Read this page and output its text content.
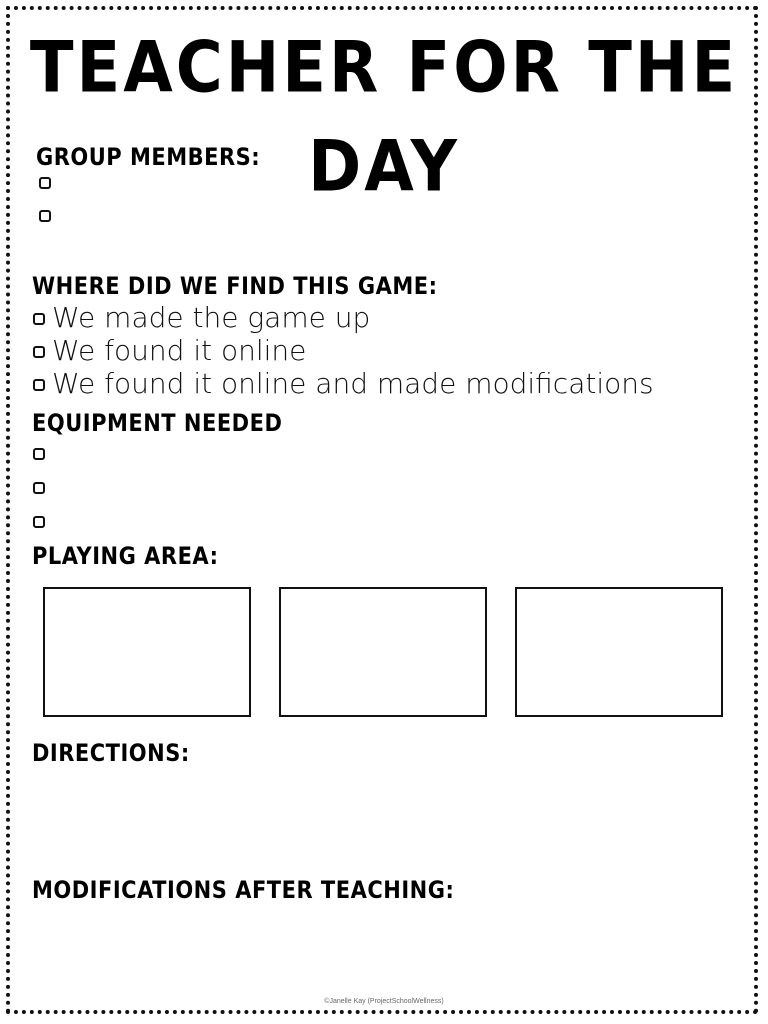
TEACHER FOR THE DAY
GROUP MEMBERS:
WHERE DID WE FIND THIS GAME:
We made the game up
We found it online
We found it online and made modifications
EQUIPMENT NEEDED
PLAYING AREA:
DIRECTIONS:
MODIFICATIONS AFTER TEACHING:
©Janelle Kay (ProjectSchoolWellness)
